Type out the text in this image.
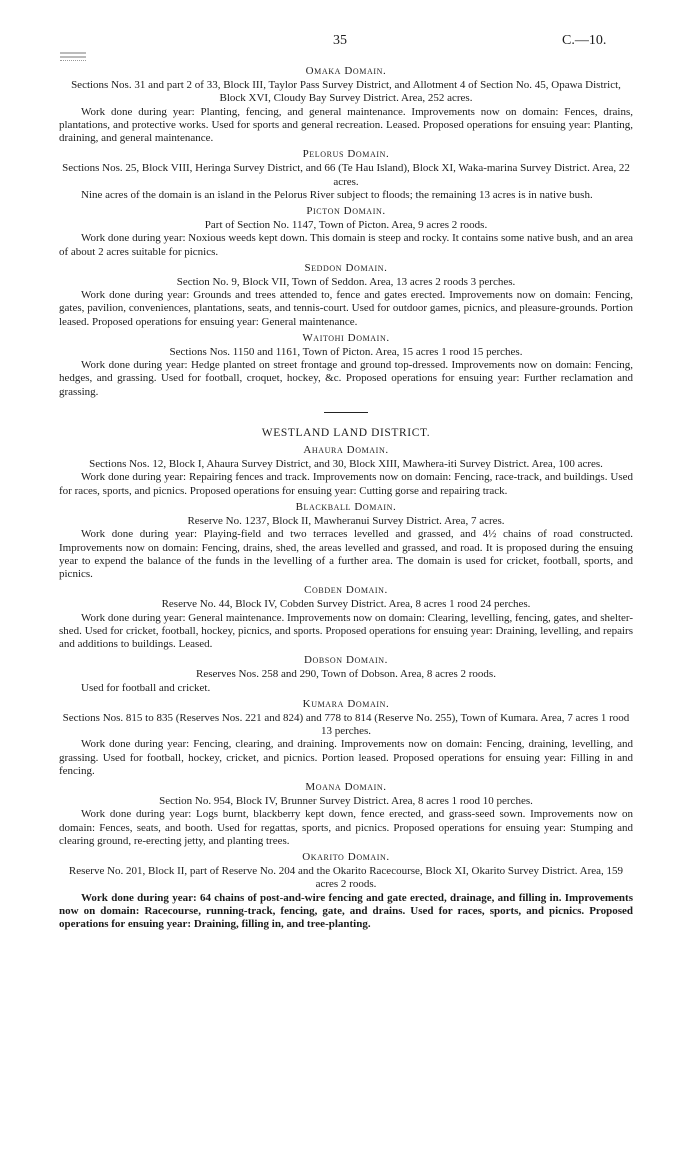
35	C.—10.
Omaka Domain.

Sections Nos. 31 and part 2 of 33, Block III, Taylor Pass Survey District, and Allotment 4 of Section No. 45, Opawa District, Block XVI, Cloudy Bay Survey District. Area, 252 acres.

Work done during year: Planting, fencing, and general maintenance. Improvements now on domain: Fences, drains, plantations, and protective works. Used for sports and general recreation. Leased. Proposed operations for ensuing year: Planting, draining, and general maintenance.

Pelorus Domain.

Sections Nos. 25, Block VIII, Heringa Survey District, and 66 (Te Hau Island), Block XI, Waka-marina Survey District. Area, 22 acres.

Nine acres of the domain is an island in the Pelorus River subject to floods; the remaining 13 acres is in native bush.

Picton Domain.

Part of Section No. 1147, Town of Picton. Area, 9 acres 2 roods.

Work done during year: Noxious weeds kept down. This domain is steep and rocky. It contains some native bush, and an area of about 2 acres suitable for picnics.

Seddon Domain.

Section No. 9, Block VII, Town of Seddon. Area, 13 acres 2 roods 3 perches.

Work done during year: Grounds and trees attended to, fence and gates erected. Improvements now on domain: Fencing, gates, pavilion, conveniences, plantations, seats, and tennis-court. Used for outdoor games, picnics, and pleasure-grounds. Portion leased. Proposed operations for ensuing year: General maintenance.

Waitohi Domain.

Sections Nos. 1150 and 1161, Town of Picton. Area, 15 acres 1 rood 15 perches.

Work done during year: Hedge planted on street frontage and ground top-dressed. Improvements now on domain: Fencing, hedges, and grassing. Used for football, croquet, hockey, &c. Proposed operations for ensuing year: Further reclamation and grassing.

WESTLAND LAND DISTRICT.
Ahaura Domain.

Sections Nos. 12, Block I, Ahaura Survey District, and 30, Block XIII, Mawhera-iti Survey District. Area, 100 acres.

Work done during year: Repairing fences and track. Improvements now on domain: Fencing, race-track, and buildings. Used for races, sports, and picnics. Proposed operations for ensuing year: Cutting gorse and repairing track.

Blackball Domain.

Reserve No. 1237, Block II, Mawheranui Survey District. Area, 7 acres.

Work done during year: Playing-field and two terraces levelled and grassed, and 4½ chains of road constructed. Improvements now on domain: Fencing, drains, shed, the areas levelled and grassed, and road. It is proposed during the ensuing year to expend the balance of the funds in the levelling of a further area. The domain is used for cricket, football, sports, and picnics.

Cobden Domain.

Reserve No. 44, Block IV, Cobden Survey District. Area, 8 acres 1 rood 24 perches.

Work done during year: General maintenance. Improvements now on domain: Clearing, levelling, fencing, gates, and shelter-shed. Used for cricket, football, hockey, picnics, and sports. Proposed operations for ensuing year: Draining, levelling, and repairs and additions to buildings. Leased.

Dobson Domain.

Reserves Nos. 258 and 290, Town of Dobson. Area, 8 acres 2 roods.

Used for football and cricket.

Kumara Domain.

Sections Nos. 815 to 835 (Reserves Nos. 221 and 824) and 778 to 814 (Reserve No. 255), Town of Kumara. Area, 7 acres 1 rood 13 perches.

Work done during year: Fencing, clearing, and draining. Improvements now on domain: Fencing, draining, levelling, and grassing. Used for football, hockey, cricket, and picnics. Portion leased. Proposed operations for ensuing year: Filling in and fencing.

Moana Domain.

Section No. 954, Block IV, Brunner Survey District. Area, 8 acres 1 rood 10 perches.

Work done during year: Logs burnt, blackberry kept down, fence erected, and grass-seed sown. Improvements now on domain: Fences, seats, and booth. Used for regattas, sports, and picnics. Proposed operations for ensuing year: Stumping and clearing ground, re-erecting jetty, and planting trees.

Okarito Domain.

Reserve No. 201, Block II, part of Reserve No. 204 and the Okarito Racecourse, Block XI, Okarito Survey District. Area, 159 acres 2 roods.

Work done during year: 64 chains of post-and-wire fencing and gate erected, drainage, and filling in. Improvements now on domain: Racecourse, running-track, fencing, gate, and drains. Used for races, sports, and picnics. Proposed operations for ensuing year: Draining, filling in, and tree-planting.
